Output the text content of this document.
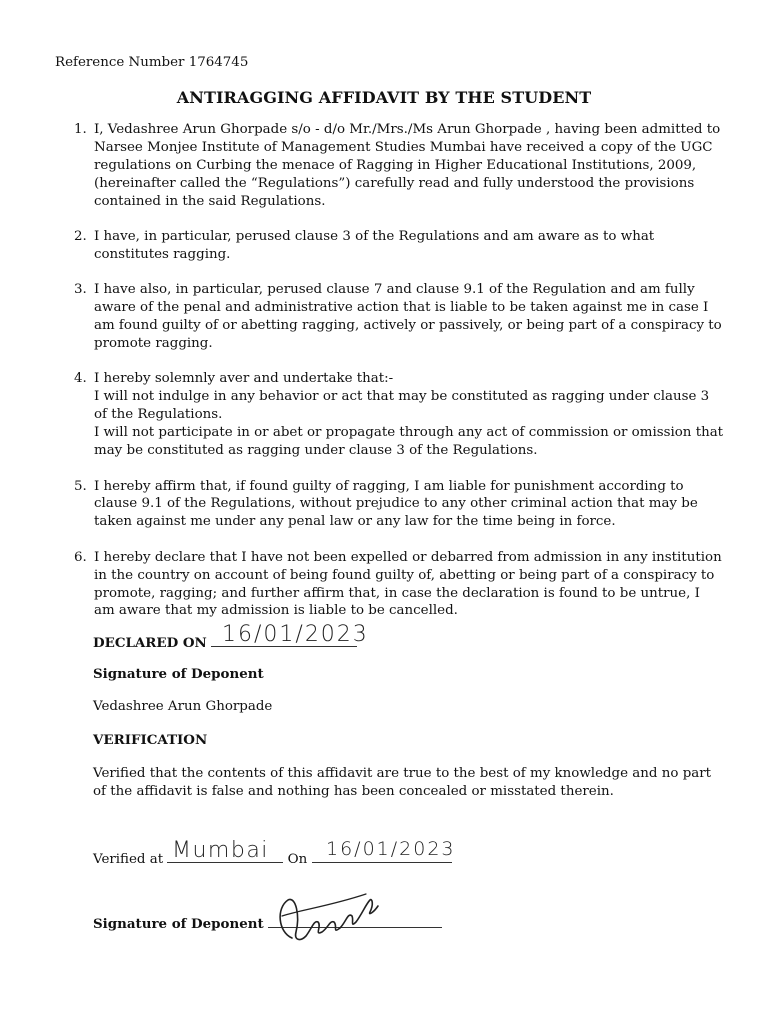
Reference Number 1764745
ANTIRAGGING AFFIDAVIT BY THE STUDENT
1. I, Vedashree Arun Ghorpade s/o - d/o Mr./Mrs./Ms Arun Ghorpade , having been admitted to Narsee Monjee Institute of Management Studies Mumbai have received a copy of the UGC regulations on Curbing the menace of Ragging in Higher Educational Institutions, 2009, (hereinafter called the “Regulations”) carefully read and fully understood the provisions contained in the said Regulations.
2. I have, in particular, perused clause 3 of the Regulations and am aware as to what constitutes ragging.
3. I have also, in particular, perused clause 7 and clause 9.1 of the Regulation and am fully aware of the penal and administrative action that is liable to be taken against me in case I am found guilty of or abetting ragging, actively or passively, or being part of a conspiracy to promote ragging.
4. I hereby solemnly aver and undertake that:-
I will not indulge in any behavior or act that may be constituted as ragging under clause 3 of the Regulations.
I will not participate in or abet or propagate through any act of commission or omission that may be constituted as ragging under clause 3 of the Regulations.
5. I hereby affirm that, if found guilty of ragging, I am liable for punishment according to clause 9.1 of the Regulations, without prejudice to any other criminal action that may be taken against me under any penal law or any law for the time being in force.
6. I hereby declare that I have not been expelled or debarred from admission in any institution in the country on account of being found guilty of, abetting or being part of a conspiracy to promote, ragging; and further affirm that, in case the declaration is found to be untrue, I am aware that my admission is liable to be cancelled.
DECLARED ON 16/01/2023
Signature of Deponent
Vedashree Arun Ghorpade
VERIFICATION
Verified that the contents of this affidavit are true to the best of my knowledge and no part of the affidavit is false and nothing has been concealed or misstated therein.
Verified at	On
Mumbai	16/01/2023
Signature of Deponent
